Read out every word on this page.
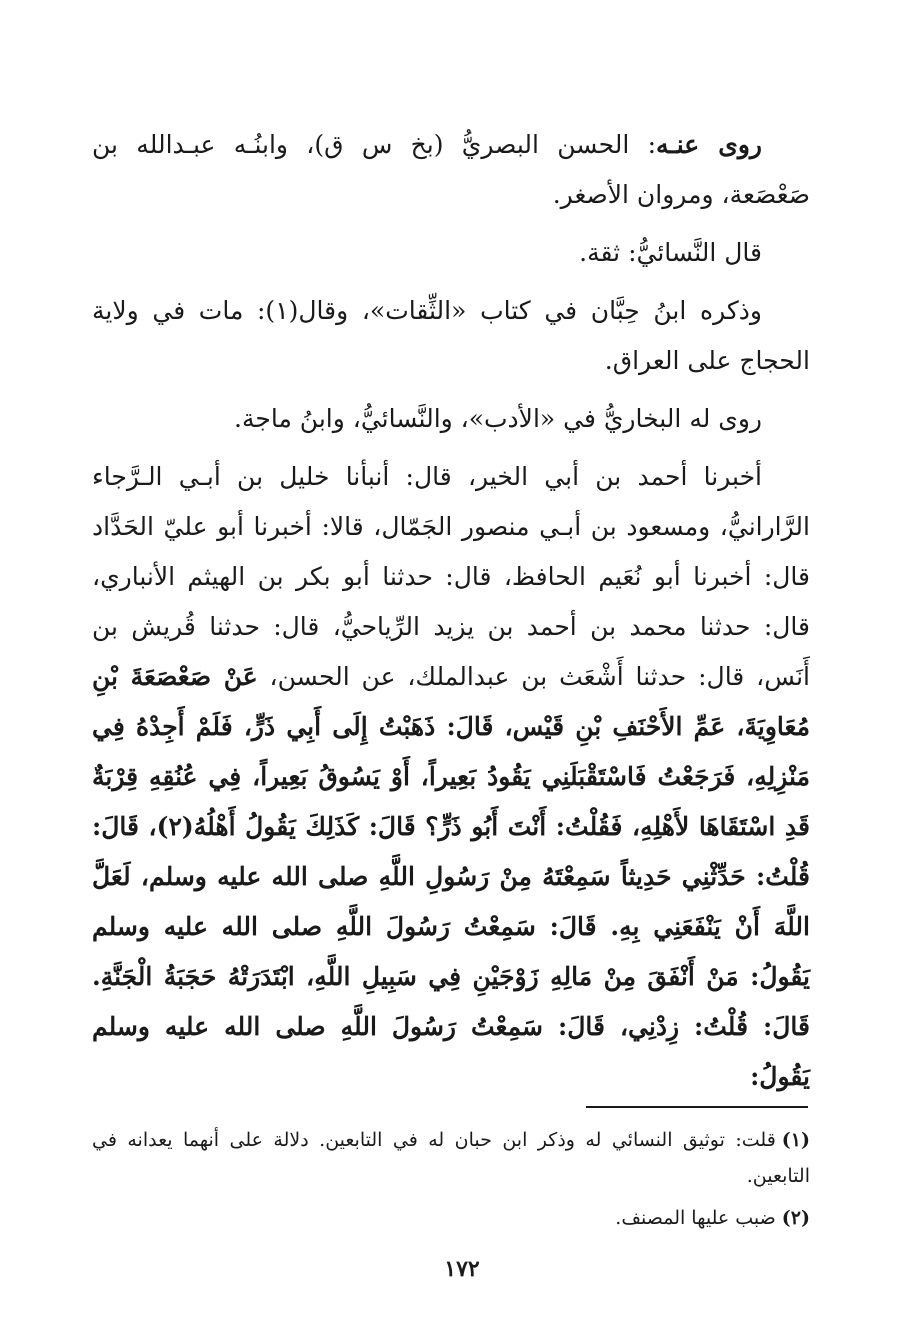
روى عنـه: الحسن البصريُّ (بخ س ق)، وابنُـه عبـدالله بن صَعْصَعة، ومروان الأصغر.

قال النَّسائيُّ: ثقة.

وذكره ابنُ حِبَّان في كتاب «الثِّقات»، وقال(١): مات في ولاية الحجاج على العراق.

روى له البخاريُّ في «الأدب»، والنَّسائيُّ، وابنُ ماجة.

أخبرنا أحمد بن أبي الخير، قال: أنبأنا خليل بن أبـي الـرَّجاء الرَّارانيُّ، ومسعود بن أبـي منصور الجَمّال، قالا: أخبرنا أبو عليّ الحَدَّاد قال: أخبرنا أبو نُعَيم الحافظ، قال: حدثنا أبو بكر بن الهيثم الأنباري، قال: حدثنا محمد بن أحمد بن يزيد الرِّياحيُّ، قال: حدثنا قُريش بن أَنَس، قال: حدثنا أَشْعَث بن عبدالملك، عن الحسن، عَنْ صَعْصَعَةَ بْنِ مُعَاوِيَةَ، عَمِّ الأَحْنَفِ بْنِ قَيْس، قَالَ: ذَهَبْتُ إِلَى أَبِي ذَرٍّ، فَلَمْ أَجِدْهُ فِي مَنْزِلِهِ، فَرَجَعْتُ فَاسْتَقْبَلَنِي يَقُودُ بَعِيراً، أَوْ يَسُوقُ بَعِيراً، فِي عُنُقِهِ قِرْبَةٌ قَدِ اسْتَقَاهَا لأَهْلِهِ، فَقُلْتُ: أَنْتَ أَبُو ذَرٍّ؟ قَالَ: كَذَلِكَ يَقُولُ أَهْلُهُ(٢)، قَالَ: قُلْتُ: حَدِّثْنِي حَدِيثاً سَمِعْتَهُ مِنْ رَسُولِ اللَّهِ صلى الله عليه وسلم، لَعَلَّ اللَّهَ أَنْ يَنْفَعَنِي بِهِ. قَالَ: سَمِعْتُ رَسُولَ اللَّهِ صلى الله عليه وسلم يَقُولُ: مَنْ أَنْفَقَ مِنْ مَالِهِ زَوْجَيْنِ فِي سَبِيلِ اللَّهِ، ابْتَدَرَتْهُ حَجَبَةُ الْجَنَّةِ. قَالَ: قُلْتُ: زِدْنِي، قَالَ: سَمِعْتُ رَسُولَ اللَّهِ صلى الله عليه وسلم يَقُولُ:

(١)قلت: توثيق النسائي له وذكر ابن حبان له في التابعين. دلالة على أنهما يعدانه في التابعين.

(٢)ضبب عليها المصنف.

١٧٢
